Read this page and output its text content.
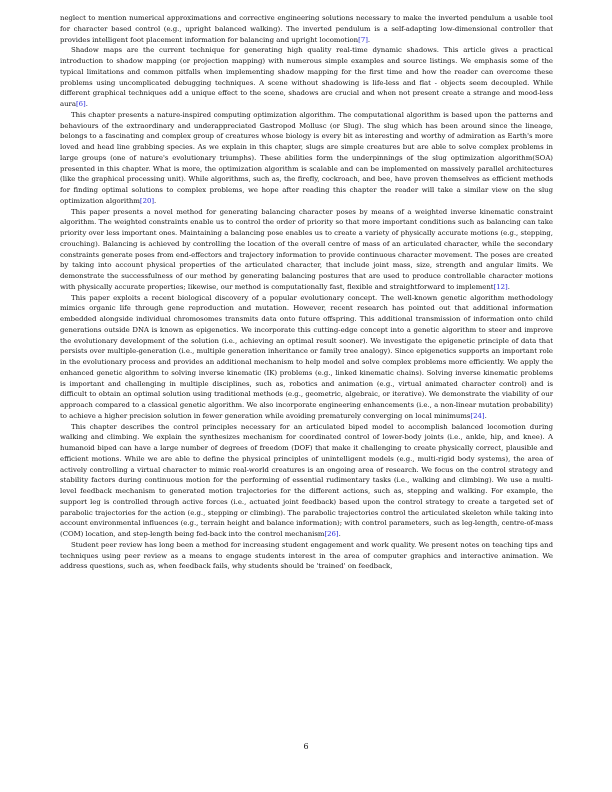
neglect to mention numerical approximations and corrective engineering solutions necessary to make the inverted pendulum a usable tool for character based control (e.g., upright balanced walking). The inverted pendulum is a self-adapting low-dimensional controller that provides intelligent foot placement information for balancing and upright locomotion[7].

Shadow maps are the current technique for generating high quality real-time dynamic shadows. This article gives a practical introduction to shadow mapping (or projection mapping) with numerous simple examples and source listings. We emphasis some of the typical limitations and common pitfalls when implementing shadow mapping for the first time and how the reader can overcome these problems using uncomplicated debugging techniques. A scene without shadowing is life-less and flat - objects seem decoupled. While different graphical techniques add a unique effect to the scene, shadows are crucial and when not present create a strange and mood-less aura[6].

This chapter presents a nature-inspired computing optimization algorithm. The computational algorithm is based upon the patterns and behaviours of the extraordinary and underappreciated Gastropod Mollusc (or Slug). The slug which has been around since the lineage, belongs to a fascinating and complex group of creatures whose biology is every bit as interesting and worthy of admiration as Earth's more loved and head line grabbing species. As we explain in this chapter, slugs are simple creatures but are able to solve complex problems in large groups (one of nature's evolutionary triumphs). These abilities form the underpinnings of the slug optimization algorithm(SOA) presented in this chapter. What is more, the optimization algorithm is scalable and can be implemented on massively parallel architectures (like the graphical processing unit). While algorithms, such as, the firefly, cockroach, and bee, have proven themselves as efficient methods for finding optimal solutions to complex problems, we hope after reading this chapter the reader will take a similar view on the slug optimization algorithm[20].

This paper presents a novel method for generating balancing character poses by means of a weighted inverse kinematic constraint algorithm. The weighted constraints enable us to control the order of priority so that more important conditions such as balancing can take priority over less important ones. Maintaining a balancing pose enables us to create a variety of physically accurate motions (e.g., stepping, crouching). Balancing is achieved by controlling the location of the overall centre of mass of an articulated character, while the secondary constraints generate poses from end-effectors and trajectory information to provide continuous character movement. The poses are created by taking into account physical properties of the articulated character, that include joint mass, size, strength and angular limits. We demonstrate the successfulness of our method by generating balancing postures that are used to produce controllable character motions with physically accurate properties; likewise, our method is computationally fast, flexible and straightforward to implement[12].

This paper exploits a recent biological discovery of a popular evolutionary concept. The well-known genetic algorithm methodology mimics organic life through gene reproduction and mutation. However, recent research has pointed out that additional information embedded alongside individual chromosomes transmits data onto future offspring. This additional transmission of information onto child generations outside DNA is known as epigenetics. We incorporate this cutting-edge concept into a genetic algorithm to steer and improve the evolutionary development of the solution (i.e., achieving an optimal result sooner). We investigate the epigenetic principle of data that persists over multiple-generation (i.e., multiple generation inheritance or family tree analogy). Since epigenetics supports an important role in the evolutionary process and provides an additional mechanism to help model and solve complex problems more efficiently. We apply the enhanced genetic algorithm to solving inverse kinematic (IK) problems (e.g., linked kinematic chains). Solving inverse kinematic problems is important and challenging in multiple disciplines, such as, robotics and animation (e.g., virtual animated character control) and is difficult to obtain an optimal solution using traditional methods (e.g., geometric, algebraic, or iterative). We demonstrate the viability of our approach compared to a classical genetic algorithm. We also incorporate engineering enhancements (i.e., a non-linear mutation probability) to achieve a higher precision solution in fewer generation while avoiding prematurely converging on local minimums[24].

This chapter describes the control principles necessary for an articulated biped model to accomplish balanced locomotion during walking and climbing. We explain the synthesizes mechanism for coordinated control of lower-body joints (i.e., ankle, hip, and knee). A humanoid biped can have a large number of degrees of freedom (DOF) that make it challenging to create physically correct, plausible and efficient motions. While we are able to define the physical principles of unintelligent models (e.g., multi-rigid body systems), the area of actively controlling a virtual character to mimic real-world creatures is an ongoing area of research. We focus on the control strategy and stability factors during continuous motion for the performing of essential rudimentary tasks (i.e., walking and climbing). We use a multi-level feedback mechanism to generated motion trajectories for the different actions, such as, stepping and walking. For example, the support leg is controlled through active forces (i.e., actuated joint feedback) based upon the control strategy to create a targeted set of parabolic trajectories for the action (e.g., stepping or climbing). The parabolic trajectories control the articulated skeleton while taking into account environmental influences (e.g., terrain height and balance information); with control parameters, such as leg-length, centre-of-mass (COM) location, and step-length being fed-back into the control mechanism[26].

Student peer review has long been a method for increasing student engagement and work quality. We present notes on teaching tips and techniques using peer review as a means to engage students interest in the area of computer graphics and interactive animation. We address questions, such as, when feedback fails, why students should be 'trained' on feedback,

6
